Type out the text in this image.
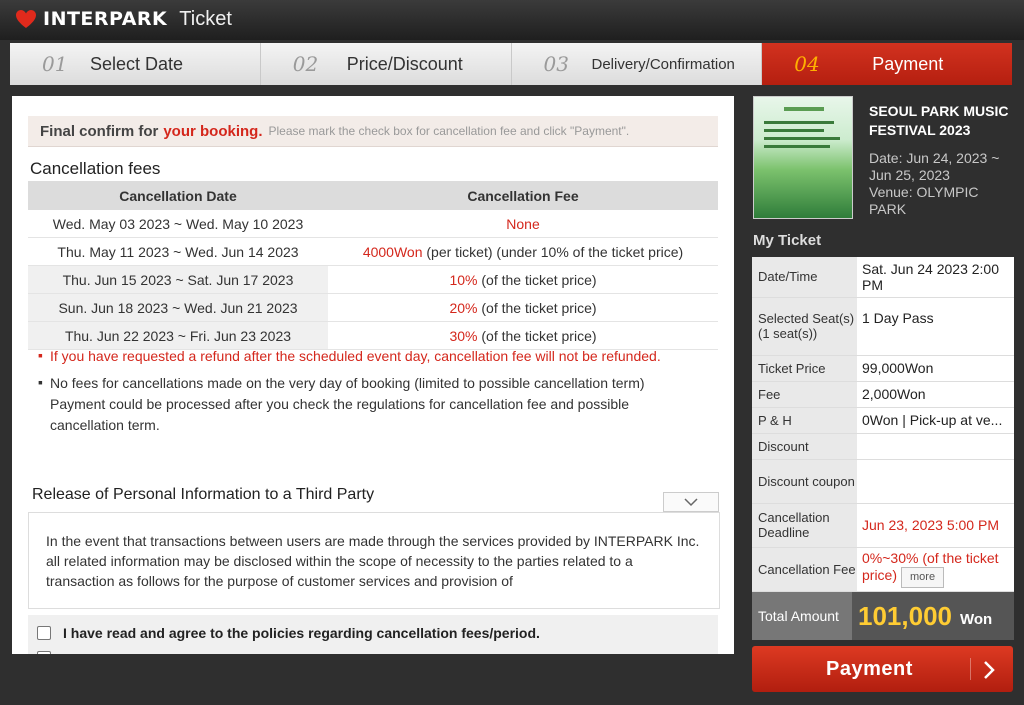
INTERPARK Ticket
01	Select Date	02	Price/Discount	03	Delivery/Confirmation	04	Payment
Final confirm for your booking. Please mark the check box for cancellation fee and click "Payment".
Cancellation fees
Cancellation Date	Cancellation Fee
Wed. May 03 2023 ~ Wed. May 10 2023	None
Thu. May 11 2023 ~ Wed. Jun 14 2023	4000Won (per ticket) (under 10% of the ticket price)
Thu. Jun 15 2023 ~ Sat. Jun 17 2023	10% (of the ticket price)
Sun. Jun 18 2023 ~ Wed. Jun 21 2023	20% (of the ticket price)
Thu. Jun 22 2023 ~ Fri. Jun 23 2023	30% (of the ticket price)
▪ If you have requested a refund after the scheduled event day, cancellation fee will not be refunded.
▪ No fees for cancellations made on the very day of booking (limited to possible cancellation term)
Payment could be processed after you check the regulations for cancellation fee and possible cancellation term.
Release of Personal Information to a Third Party
In the event that transactions between users are made through the services provided by INTERPARK Inc. all related information may be disclosed within the scope of necessity to the parties related to a transaction as follows for the purpose of customer services and provision of
I have read and agree to the policies regarding cancellation fees/period.
SEOUL PARK MUSIC FESTIVAL 2023
Date: Jun 24, 2023 ~ Jun 25, 2023
Venue: OLYMPIC PARK
My Ticket
Date/Time	Sat. Jun 24 2023 2:00 PM
Selected Seat(s) (1 seat(s))	1 Day Pass
Ticket Price	99,000Won
Fee	2,000Won
P & H	0Won | Pick-up at ve...
Discount	
Discount coupon	
Cancellation Deadline	Jun 23, 2023 5:00 PM
Cancellation Fee	0%~30% (of the ticket price) more
Total Amount 101,000 Won
Payment
